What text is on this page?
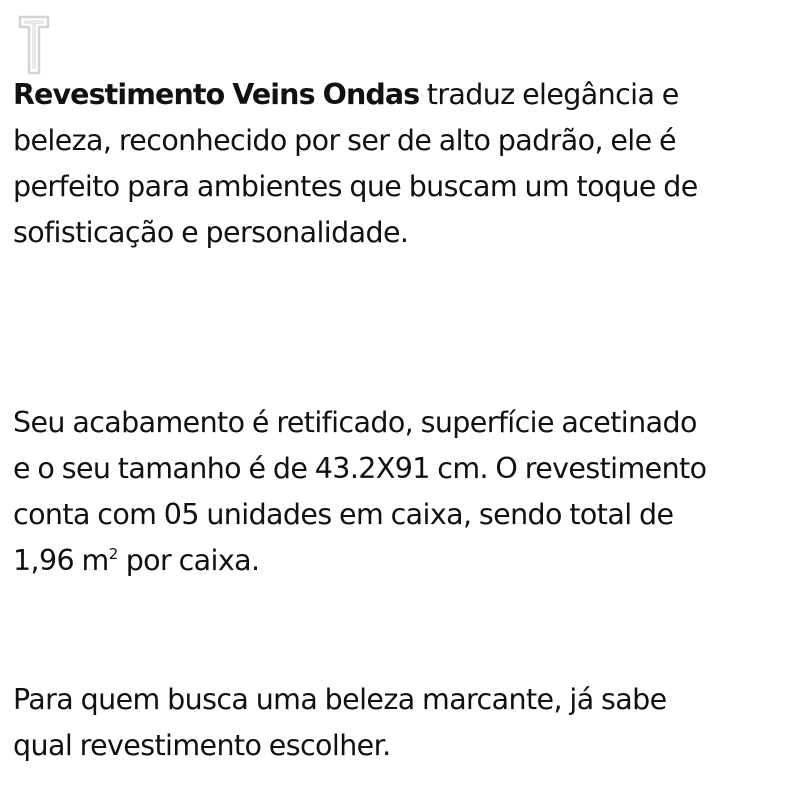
Revestimento Veins Ondas traduz elegância e
beleza, reconhecido por ser de alto padrão, ele é
perfeito para ambientes que buscam um toque de
sofisticação e personalidade.

Seu acabamento é retificado, superfície acetinado
e o seu tamanho é de 43.2X91 cm. O revestimento
conta com 05 unidades em caixa, sendo total de
1,96 $m^2$ por caixa.

Para quem busca uma beleza marcante, já sabe
qual revestimento escolher.
